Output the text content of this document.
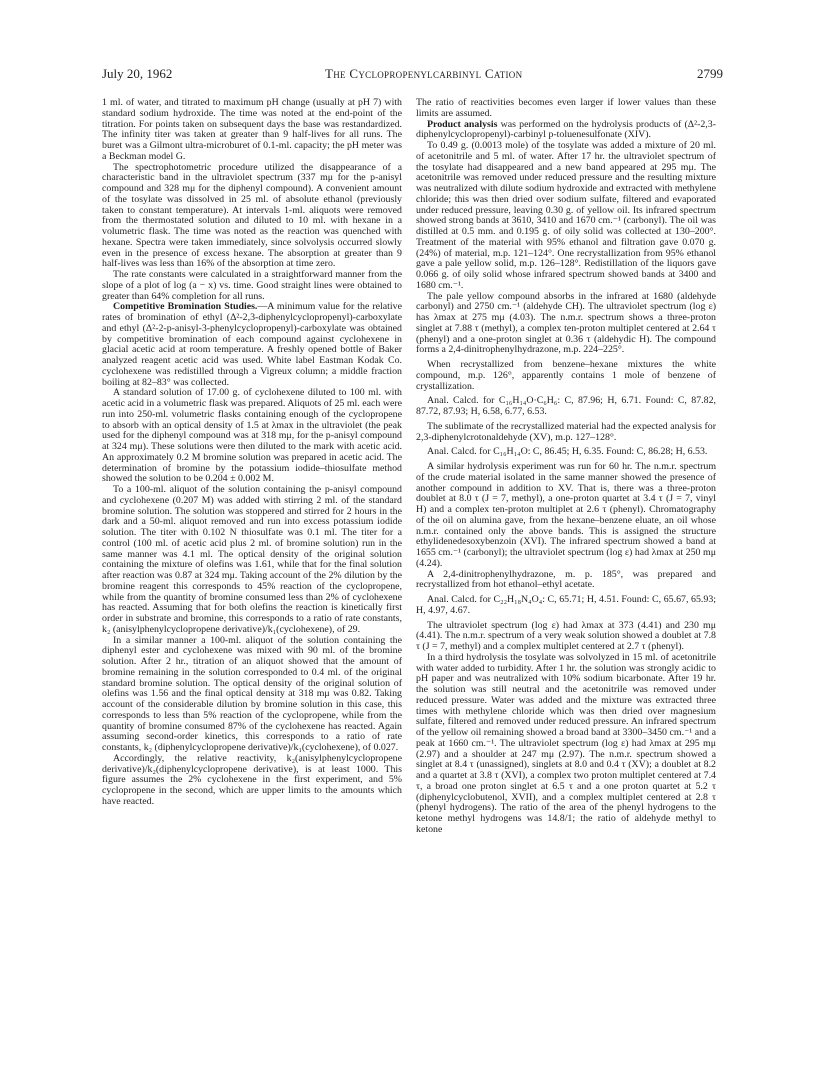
July 20, 1962	The Cyclopropenylcarbinyl Cation	2799

1 ml. of water, and titrated to maximum pH change (usually at pH 7) with standard sodium hydroxide. The time was noted at the end-point of the titration. For points taken on subsequent days the base was restandardized. The infinity titer was taken at greater than 9 half-lives for all runs. The buret was a Gilmont ultra-microburet of 0.1-ml. capacity; the pH meter was a Beckman model G.

The spectrophotometric procedure utilized the disappearance of a characteristic band in the ultraviolet spectrum (337 mμ for the p-anisyl compound and 328 mμ for the diphenyl compound). A convenient amount of the tosylate was dissolved in 25 ml. of absolute ethanol (previously taken to constant temperature). At intervals 1-ml. aliquots were removed from the thermostated solution and diluted to 10 ml. with hexane in a volumetric flask. The time was noted as the reaction was quenched with hexane. Spectra were taken immediately, since solvolysis occurred slowly even in the presence of excess hexane. The absorption at greater than 9 half-lives was less than 16% of the absorption at time zero.

The rate constants were calculated in a straightforward manner from the slope of a plot of log (a − x) vs. time. Good straight lines were obtained to greater than 64% completion for all runs.

Competitive Bromination Studies.—A minimum value for the relative rates of bromination of ethyl (Δ²-2,3-diphenylcyclopropenyl)-carboxylate and ethyl (Δ²-2-p-anisyl-3-phenylcyclopropenyl)-carboxylate was obtained by competitive bromination of each compound against cyclohexene in glacial acetic acid at room temperature. A freshly opened bottle of Baker analyzed reagent acetic acid was used. White label Eastman Kodak Co. cyclohexene was redistilled through a Vigreux column; a middle fraction boiling at 82–83° was collected.

A standard solution of 17.00 g. of cyclohexene diluted to 100 ml. with acetic acid in a volumetric flask was prepared. Aliquots of 25 ml. each were run into 250-ml. volumetric flasks containing enough of the cyclopropene to absorb with an optical density of 1.5 at λmax in the ultraviolet (the peak used for the diphenyl compound was at 318 mμ, for the p-anisyl compound at 324 mμ). These solutions were then diluted to the mark with acetic acid. An approximately 0.2 M bromine solution was prepared in acetic acid. The determination of bromine by the potassium iodide–thiosulfate method showed the solution to be 0.204 ± 0.002 M.

To a 100-ml. aliquot of the solution containing the p-anisyl compound and cyclohexene (0.207 M) was added with stirring 2 ml. of the standard bromine solution. The solution was stoppered and stirred for 2 hours in the dark and a 50-ml. aliquot removed and run into excess potassium iodide solution. The titer with 0.102 N thiosulfate was 0.1 ml. The titer for a control (100 ml. of acetic acid plus 2 ml. of bromine solution) run in the same manner was 4.1 ml. The optical density of the original solution containing the mixture of olefins was 1.61, while that for the final solution after reaction was 0.87 at 324 mμ. Taking account of the 2% dilution by the bromine reagent this corresponds to 45% reaction of the cyclopropene, while from the quantity of bromine consumed less than 2% of cyclohexene has reacted. Assuming that for both olefins the reaction is kinetically first order in substrate and bromine, this corresponds to a ratio of rate constants, k₂ (anisylphenylcyclopropene derivative)/k₁(cyclohexene), of 29.

In a similar manner a 100-ml. aliquot of the solution containing the diphenyl ester and cyclohexene was mixed with 90 ml. of the bromine solution. After 2 hr., titration of an aliquot showed that the amount of bromine remaining in the solution corresponded to 0.4 ml. of the original standard bromine solution. The optical density of the original solution of olefins was 1.56 and the final optical density at 318 mμ was 0.82. Taking account of the considerable dilution by bromine solution in this case, this corresponds to less than 5% reaction of the cyclopropene, while from the quantity of bromine consumed 87% of the cyclohexene has reacted. Again assuming second-order kinetics, this corresponds to a ratio of rate constants, k₂ (diphenylcyclopropene derivative)/k₁(cyclohexene), of 0.027.

Accordingly, the relative reactivity, k₂(anisylphenylcyclopropene derivative)/k₂(diphenylcyclopropene derivative), is at least 1000. This figure assumes the 2% cyclohexene in the first experiment, and 5% cyclopropene in the second, which are upper limits to the amounts which have reacted.

The ratio of reactivities becomes even larger if lower values than these limits are assumed.

Product analysis was performed on the hydrolysis products of (Δ²-2,3-diphenylcyclopropenyl)-carbinyl p-toluenesulfonate (XIV).

To 0.49 g. (0.0013 mole) of the tosylate was added a mixture of 20 ml. of acetonitrile and 5 ml. of water. After 17 hr. the ultraviolet spectrum of the tosylate had disappeared and a new band appeared at 295 mμ. The acetonitrile was removed under reduced pressure and the resulting mixture was neutralized with dilute sodium hydroxide and extracted with methylene chloride; this was then dried over sodium sulfate, filtered and evaporated under reduced pressure, leaving 0.30 g. of yellow oil. Its infrared spectrum showed strong bands at 3610, 3410 and 1670 cm.⁻¹ (carbonyl). The oil was distilled at 0.5 mm. and 0.195 g. of oily solid was collected at 130–200°. Treatment of the material with 95% ethanol and filtration gave 0.070 g. (24%) of material, m.p. 121–124°. One recrystallization from 95% ethanol gave a pale yellow solid, m.p. 126–128°. Redistillation of the liquors gave 0.066 g. of oily solid whose infrared spectrum showed bands at 3400 and 1680 cm.⁻¹.

The pale yellow compound absorbs in the infrared at 1680 (aldehyde carbonyl) and 2750 cm.⁻¹ (aldehyde CH). The ultraviolet spectrum (log ε) has λmax at 275 mμ (4.03). The n.m.r. spectrum shows a three-proton singlet at 7.88 τ (methyl), a complex ten-proton multiplet centered at 2.64 τ (phenyl) and a one-proton singlet at 0.36 τ (aldehydic H). The compound forms a 2,4-dinitrophenylhydrazone, m.p. 224–225°.

When recrystallized from benzene–hexane mixtures the white compound, m.p. 126°, apparently contains 1 mole of benzene of crystallization.

Anal. Calcd. for C₁₆H₁₄O·C₆H₆: C, 87.96; H, 6.71. Found: C, 87.82, 87.72, 87.93; H, 6.58, 6.77, 6.53.

The sublimate of the recrystallized material had the expected analysis for 2,3-diphenylcrotonaldehyde (XV), m.p. 127–128°.

Anal. Calcd. for C₁₆H₁₄O: C, 86.45; H, 6.35. Found: C, 86.28; H, 6.53.

A similar hydrolysis experiment was run for 60 hr. The n.m.r. spectrum of the crude material isolated in the same manner showed the presence of another compound in addition to XV. That is, there was a three-proton doublet at 8.0 τ (J = 7, methyl), a one-proton quartet at 3.4 τ (J = 7, vinyl H) and a complex ten-proton multiplet at 2.6 τ (phenyl). Chromatography of the oil on alumina gave, from the hexane–benzene eluate, an oil whose n.m.r. contained only the above bands. This is assigned the structure ethylidenedesoxybenzoin (XVI). The infrared spectrum showed a band at 1655 cm.⁻¹ (carbonyl); the ultraviolet spectrum (log ε) had λmax at 250 mμ (4.24).

A 2,4-dinitrophenylhydrazone, m. p. 185°, was prepared and recrystallized from hot ethanol–ethyl acetate.

Anal. Calcd. for C₂₂H₁₈N₄O₄: C, 65.71; H, 4.51. Found: C, 65.67, 65.93; H, 4.97, 4.67.

The ultraviolet spectrum (log ε) had λmax at 373 (4.41) and 230 mμ (4.41). The n.m.r. spectrum of a very weak solution showed a doublet at 7.8 τ (J = 7, methyl) and a complex multiplet centered at 2.7 τ (phenyl).

In a third hydrolysis the tosylate was solvolyzed in 15 ml. of acetonitrile with water added to turbidity. After 1 hr. the solution was strongly acidic to pH paper and was neutralized with 10% sodium bicarbonate. After 19 hr. the solution was still neutral and the acetonitrile was removed under reduced pressure. Water was added and the mixture was extracted three times with methylene chloride which was then dried over magnesium sulfate, filtered and removed under reduced pressure. An infrared spectrum of the yellow oil remaining showed a broad band at 3300–3450 cm.⁻¹ and a peak at 1660 cm.⁻¹. The ultraviolet spectrum (log ε) had λmax at 295 mμ (2.97) and a shoulder at 247 mμ (2.97). The n.m.r. spectrum showed a singlet at 8.4 τ (unassigned), singlets at 8.0 and 0.4 τ (XV); a doublet at 8.2 and a quartet at 3.8 τ (XVI), a complex two proton multiplet centered at 7.4 τ, a broad one proton singlet at 6.5 τ and a one proton quartet at 5.2 τ (diphenylcyclobutenol, XVII), and a complex multiplet centered at 2.8 τ (phenyl hydrogens). The ratio of the area of the phenyl hydrogens to the ketone methyl hydrogens was 14.8/1; the ratio of aldehyde methyl to ketone
